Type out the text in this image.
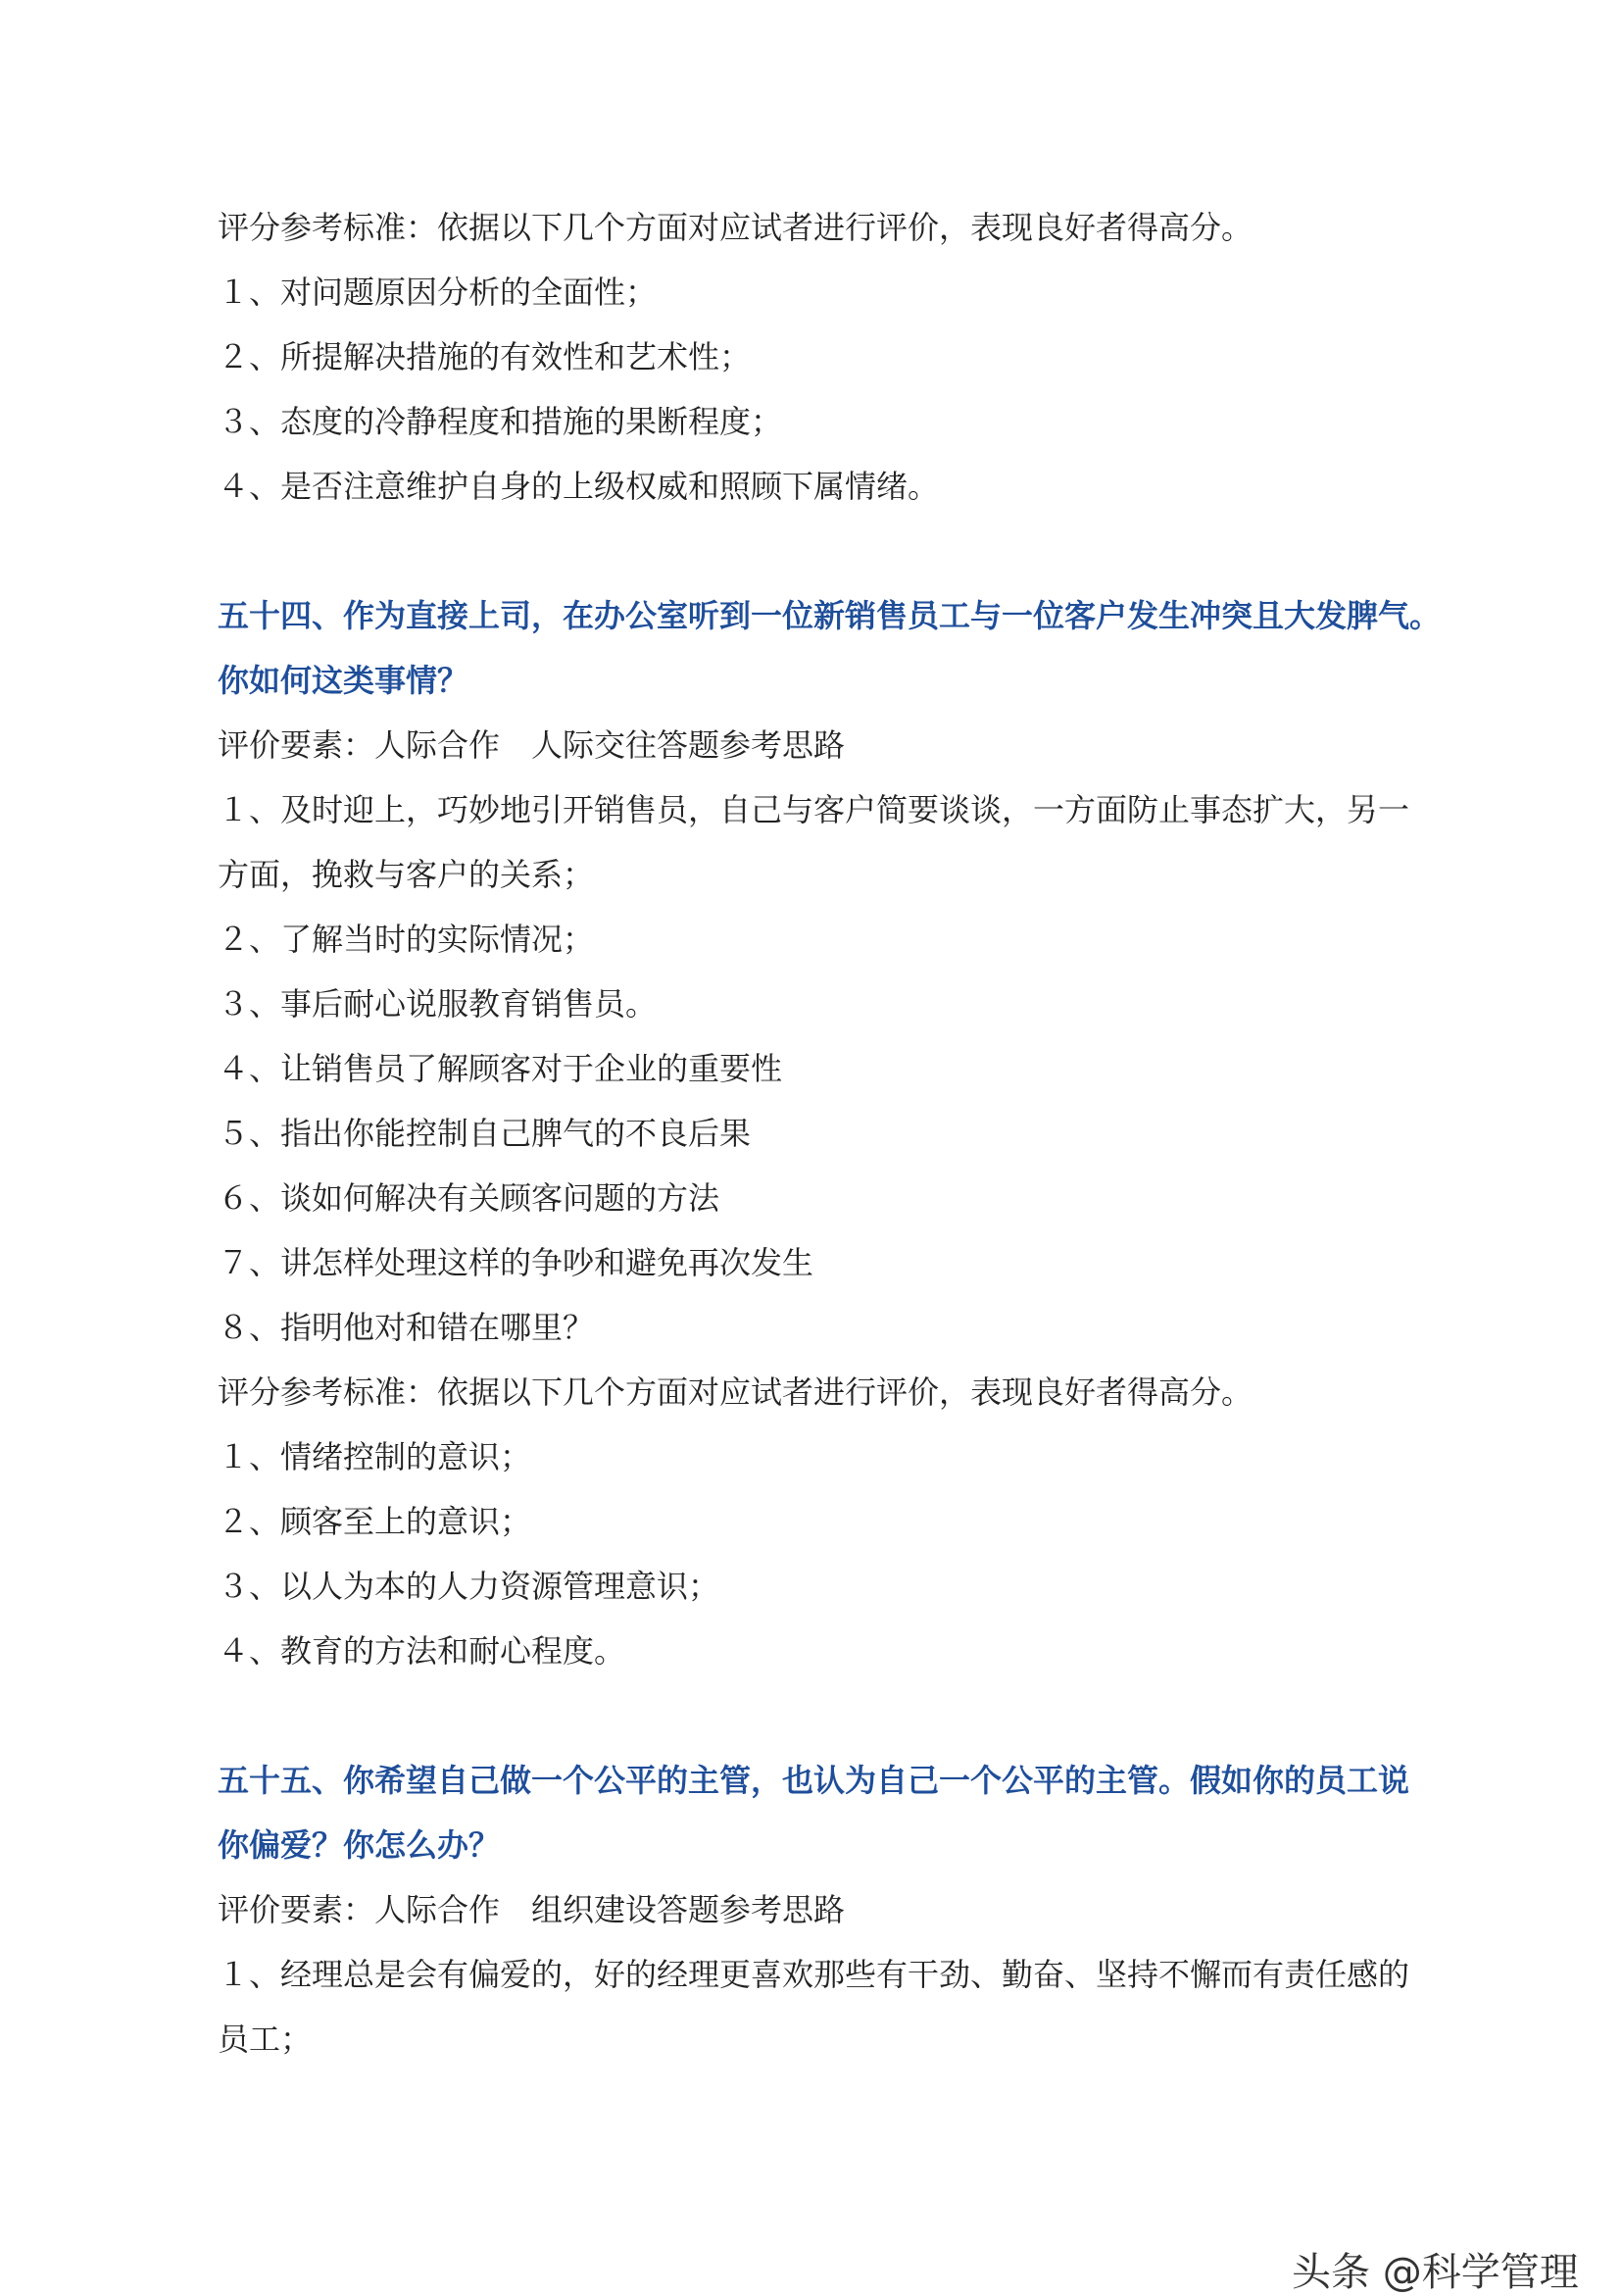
评分参考标准：依据以下几个方面对应试者进行评价，表现良好者得高分。
１、对问题原因分析的全面性；
２、所提解决措施的有效性和艺术性；
３、态度的冷静程度和措施的果断程度；
４、是否注意维护自身的上级权威和照顾下属情绪。
五十四、作为直接上司，在办公室听到一位新销售员工与一位客户发生冲突且大发脾气。
你如何这类事情？
评价要素：人际合作　人际交往答题参考思路
１、及时迎上，巧妙地引开销售员，自己与客户简要谈谈，一方面防止事态扩大，另一
方面，挽救与客户的关系；
２、了解当时的实际情况；
３、事后耐心说服教育销售员。
４、让销售员了解顾客对于企业的重要性
５、指出你能控制自己脾气的不良后果
６、谈如何解决有关顾客问题的方法
７、讲怎样处理这样的争吵和避免再次发生
８、指明他对和错在哪里？
评分参考标准：依据以下几个方面对应试者进行评价，表现良好者得高分。
１、情绪控制的意识；
２、顾客至上的意识；
３、以人为本的人力资源管理意识；
４、教育的方法和耐心程度。
五十五、你希望自己做一个公平的主管，也认为自己一个公平的主管。假如你的员工说
你偏爱？你怎么办？
评价要素：人际合作　组织建设答题参考思路
１、经理总是会有偏爱的，好的经理更喜欢那些有干劲、勤奋、坚持不懈而有责任感的
员工；
头条 @科学管理
